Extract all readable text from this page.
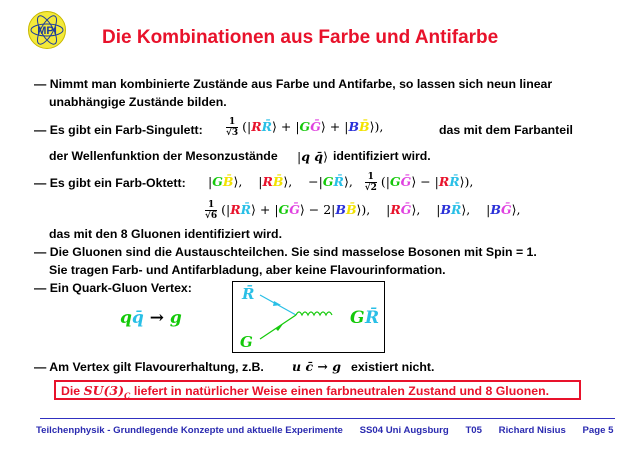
MPI Die Kombinationen aus Farbe und Antifarbe
— Nimmt man kombinierte Zustände aus Farbe und Antifarbe, so lassen sich neun linear
unabhängige Zustände bilden.
— Es gibt ein Farb-Singulett:	$\frac{1}{√3}$ (|RR̄⟩ + |GḠ⟩ + |BB̄⟩),	das mit dem Farbanteil
der Wellenfunktion der Mesonzustände |q q̄⟩ identifiziert wird.
— Es gibt ein Farb-Oktett: |GB̄⟩,    |RB̄⟩,    −|GR̄⟩, $\frac{1}{√2}$ (|GḠ⟩ − |RR̄⟩),
$\frac{1}{√6}$ (|RR̄⟩ + |GḠ⟩ − 2|BB̄⟩),    |RḠ⟩,    |BR̄⟩,    |BḠ⟩,
das mit den 8 Gluonen identifiziert wird.
— Die Gluonen sind die Austauschteilchen. Sie sind masselose Bosonen mit Spin = 1.
Sie tragen Farb- und Antifarbladung, aber keine Flavourinformation.
— Ein Quark-Gluon Vertex:
qq̄ → g
R̄
G
G R̄
— Am Vertex gilt Flavourerhaltung, z.B. u c̄ → g existiert nicht.
Die $SU(3)_C$ liefert in natürlicher Weise einen farbneutralen Zustand und 8 Gluonen.
Teilchenphysik - Grundlegende Konzepte und aktuelle Experimente SS04 Uni Augsburg T05 Richard Nisius Page 5
